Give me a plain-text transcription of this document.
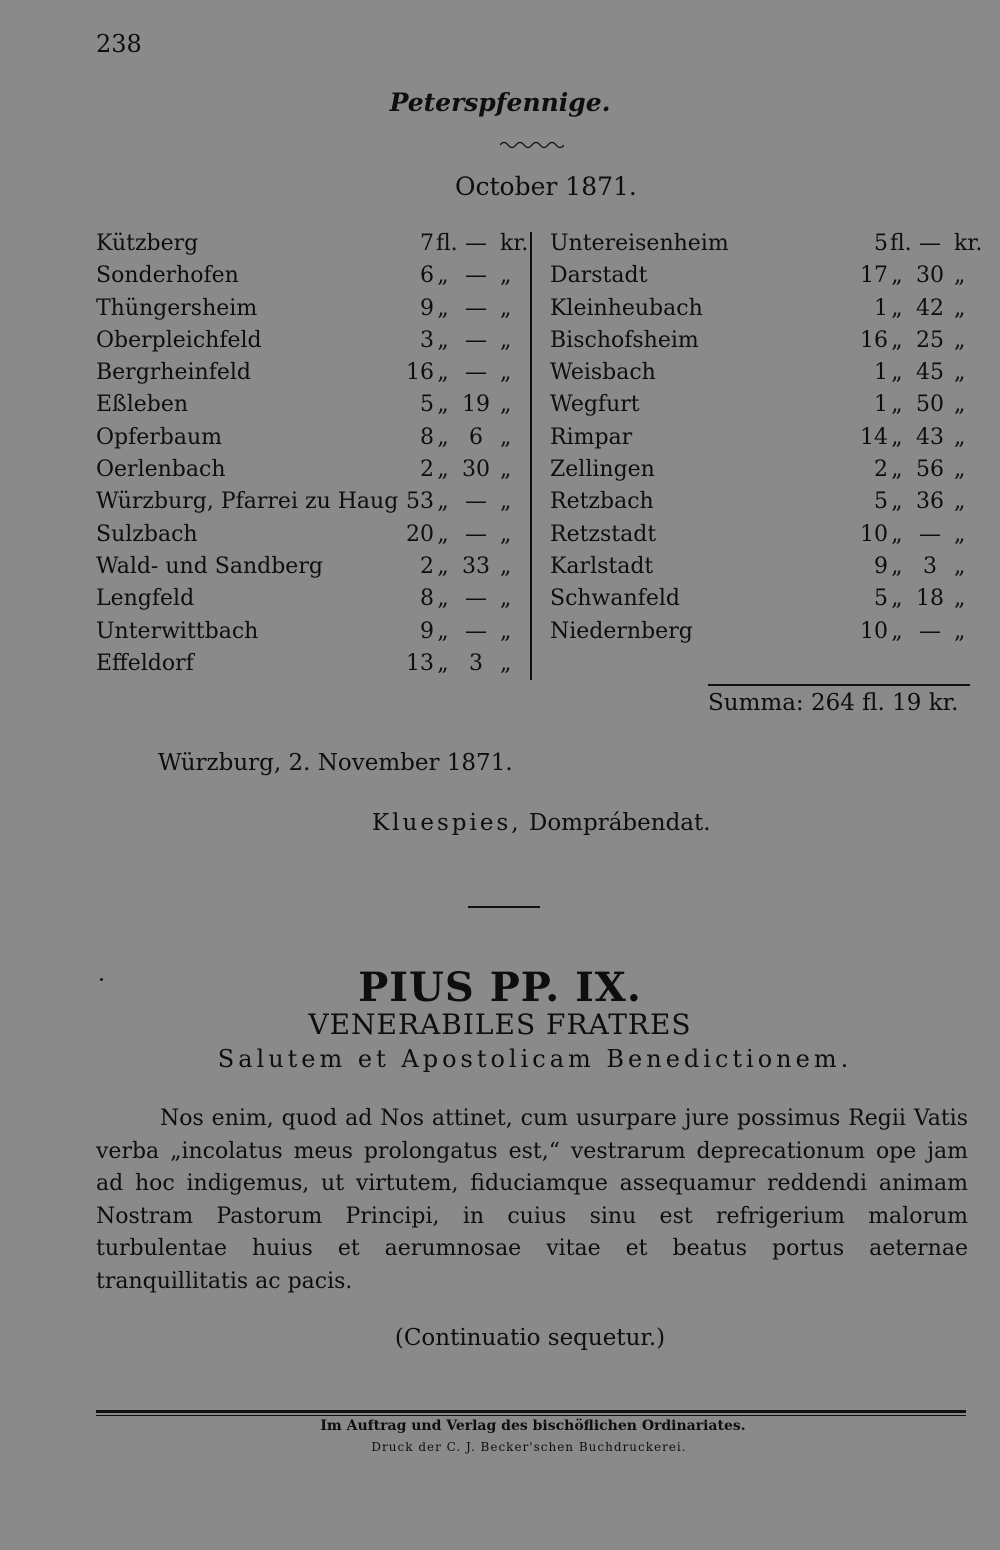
238
Peterspfennige.
October 1871.
Kützberg	7 fl. — kr.
Sonderhofen	6 „ — „
Thüngersheim	9 „ — „
Oberpleichfeld	3 „ — „
Bergrheinfeld	16 „ — „
Eßleben	5 „ 19 „
Opferbaum	8 „ 6 „
Oerlenbach	2 „ 30 „
Würzburg, Pfarrei zu Haug 53 „ — „
Sulzbach	20 „ — „
Wald- und Sandberg	2 „ 33 „
Lengfeld	8 „ — „
Unterwittbach	9 „ — „
Effeldorf	13 „ 3 „
Untereisenheim	5 fl. — kr.
Darstadt	17 „ 30 „
Kleinheubach	1 „ 42 „
Bischofsheim	16 „ 25 „
Weisbach	1 „ 45 „
Wegfurt	1 „ 50 „
Rimpar	14 „ 43 „
Zellingen	2 „ 56 „
Retzbach	5 „ 36 „
Retzstadt	10 „ — „
Karlstadt	9 „ 3 „
Schwanfeld	5 „ 18 „
Niedernberg	10 „ — „
Summa: 264 fl. 19 kr.
Würzburg, 2. November 1871.
Kluespies, Domprábendat.
PIUS PP. IX.
VENERABILES FRATRES
Salutem et Apostolicam Benedictionem.
Nos enim, quod ad Nos attinet, cum usurpare jure possimus Regii Vatis verba „incolatus meus prolongatus est,“ vestrarum deprecationum ope jam ad hoc indigemus, ut virtutem, fiduciamque assequamur reddendi animam Nostram Pastorum Principi, in cuius sinu est refrigerium malorum turbulentae huius et aerumnosae vitae et beatus portus aeternae tranquillitatis ac pacis.
(Continuatio sequetur.)
Im Auftrag und Verlag des bischöflichen Ordinariates.
Druck der C. J. Becker'schen Buchdruckerei.
